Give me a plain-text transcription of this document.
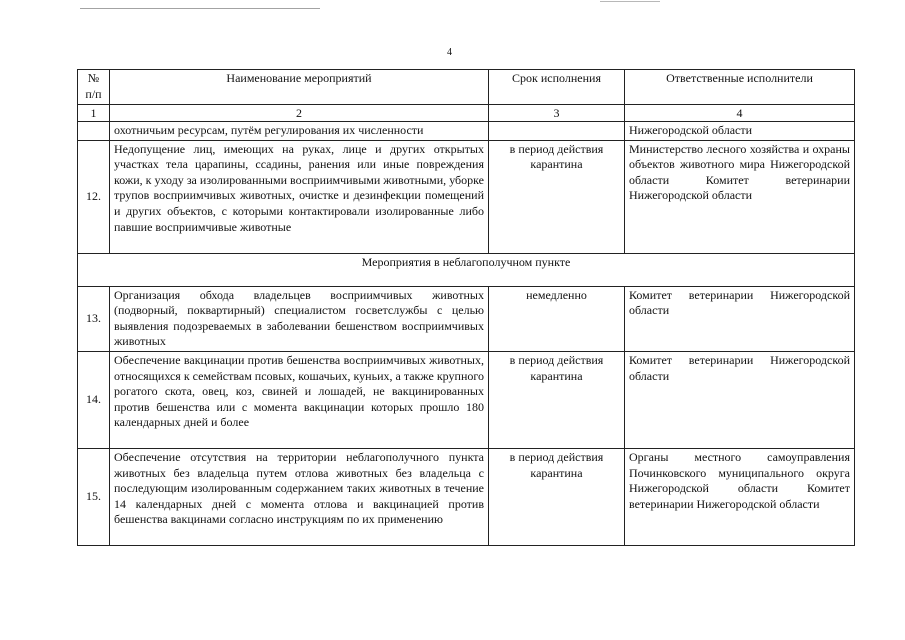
4
№ п/п	Наименование мероприятий	Срок исполнения	Ответственные исполнители
1	2	3	4
	охотничьим ресурсам, путём регулирования их численности		Нижегородской области
12.	Недопущение лиц, имеющих на руках, лице и других открытых участках тела царапины, ссадины, ранения или иные повреждения кожи, к уходу за изолированными восприимчивыми животными, уборке трупов восприимчивых животных, очистке и дезинфекции помещений и других объектов, с которыми контактировали изолированные либо павшие восприимчивые животные	в период действия карантина	Министерство лесного хозяйства и охраны объектов животного мира Нижегородской области Комитет ветеринарии Нижегородской области
Мероприятия в неблагополучном пункте			
13.	Организация обхода владельцев восприимчивых животных (подворный, поквартирный) специалистом госветслужбы с целью выявления подозреваемых в заболевании бешенством восприимчивых животных	немедленно	Комитет ветеринарии Нижегородской области
14.	Обеспечение вакцинации против бешенства восприимчивых животных, относящихся к семействам псовых, кошачьих, куньих, а также крупного рогатого скота, овец, коз, свиней и лошадей, не вакцинированных против бешенства или с момента вакцинации которых прошло 180 календарных дней и более	в период действия карантина	Комитет ветеринарии Нижегородской области
15.	Обеспечение отсутствия на территории неблагополучного пункта животных без владельца путем отлова животных без владельца с последующим изолированным содержанием таких животных в течение 14 календарных дней с момента отлова и вакцинацией против бешенства вакцинами согласно инструкциям по их применению	в период действия карантина	Органы местного самоуправления Починковского муниципального округа Нижегородской области Комитет ветеринарии Нижегородской области
